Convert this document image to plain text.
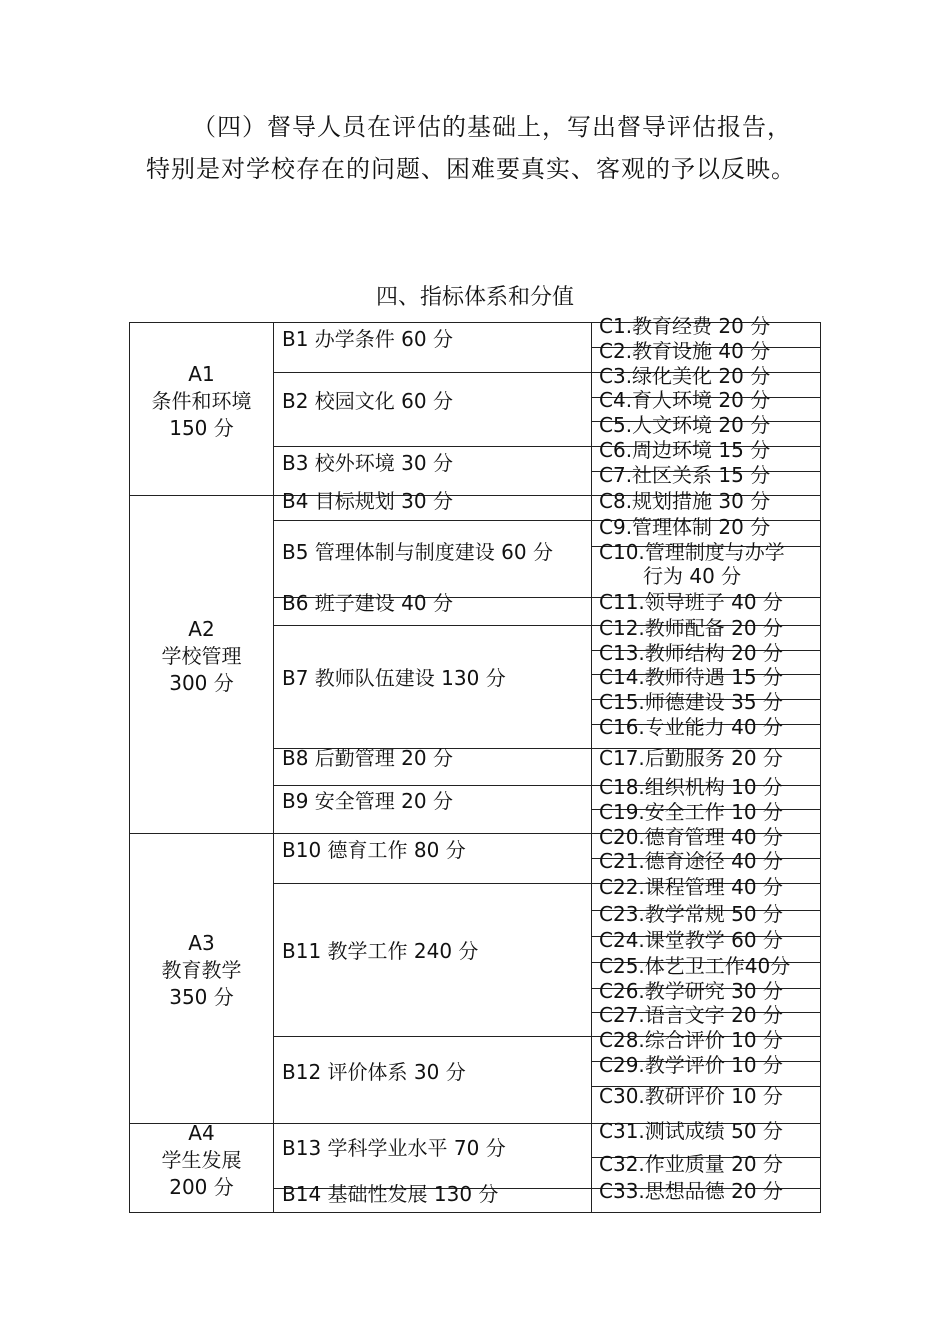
（四）督导人员在评估的基础上，写出督导评估报告，
特别是对学校存在的问题、困难要真实、客观的予以反映。
四、指标体系和分值
A1
条件和环境
150 分
A2
学校管理
300 分
A3
教育教学
350 分
A4
学生发展
200 分
B1 办学条件 60 分
B2 校园文化 60 分
B3 校外环境 30 分
B4 目标规划 30 分
B5 管理体制与制度建设 60 分
B6 班子建设 40 分
B7 教师队伍建设 130 分
B8 后勤管理 20 分
B9 安全管理 20 分
B10 德育工作 80 分
B11 教学工作 240 分
B12 评价体系 30 分
B13 学科学业水平 70 分
B14 基础性发展 130 分
C1.教育经费 20 分
C2.教育设施 40 分
C3.绿化美化 20 分
C4.育人环境 20 分
C5.人文环境 20 分
C6.周边环境 15 分
C7.社区关系 15 分
C8.规划措施 30 分
C9.管理体制 20 分
C10.管理制度与办学
行为 40 分
C11.领导班子 40 分
C12.教师配备 20 分
C13.教师结构 20 分
C14.教师待遇 15 分
C15.师德建设 35 分
C16.专业能力 40 分
C17.后勤服务 20 分
C18.组织机构 10 分
C19.安全工作 10 分
C20.德育管理 40 分
C21.德育途径 40 分
C22.课程管理 40 分
C23.教学常规 50 分
C24.课堂教学 60 分
C25.体艺卫工作40分
C26.教学研究 30 分
C27.语言文字 20 分
C28.综合评价 10 分
C29.教学评价 10 分
C30.教研评价 10 分
C31.测试成绩 50 分
C32.作业质量 20 分
C33.思想品德 20 分
